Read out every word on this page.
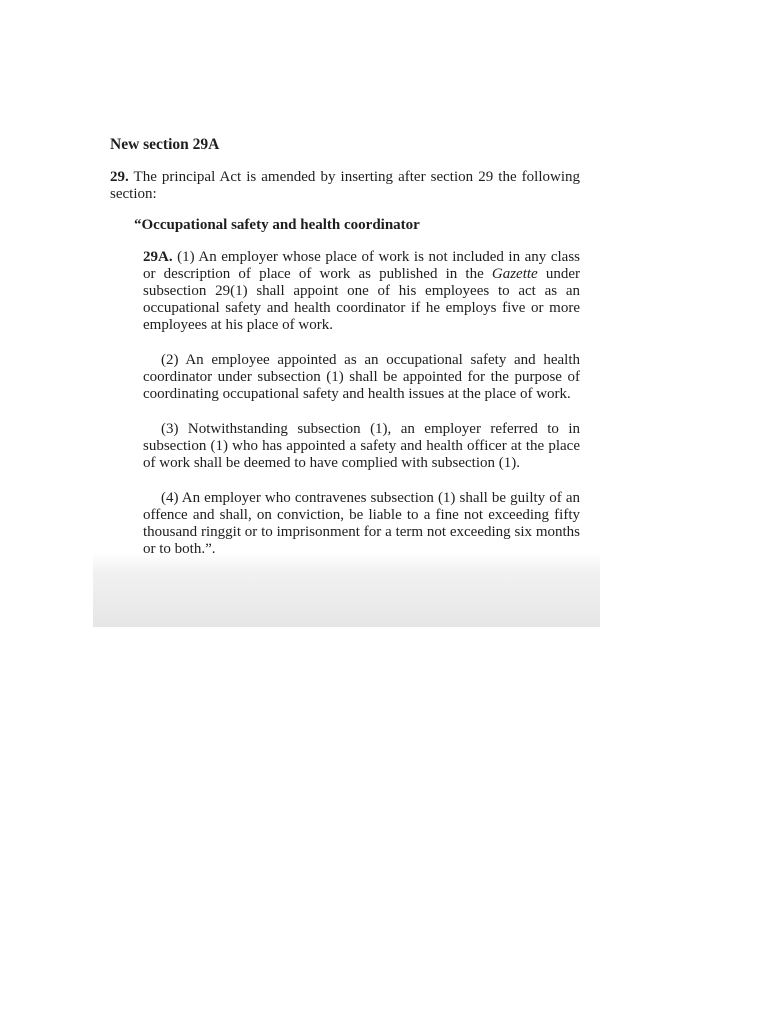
New section 29A

29. The principal Act is amended by inserting after section 29 the following section:

“Occupational safety and health coordinator

29A. (1) An employer whose place of work is not included in any class or description of place of work as published in the Gazette under subsection 29(1) shall appoint one of his employees to act as an occupational safety and health coordinator if he employs five or more employees at his place of work.

(2) An employee appointed as an occupational safety and health coordinator under subsection (1) shall be appointed for the purpose of coordinating occupational safety and health issues at the place of work.

(3) Notwithstanding subsection (1), an employer referred to in subsection (1) who has appointed a safety and health officer at the place of work shall be deemed to have complied with subsection (1).

(4) An employer who contravenes subsection (1) shall be guilty of an offence and shall, on conviction, be liable to a fine not exceeding fifty thousand ringgit or to imprisonment for a term not exceeding six months or to both.”.
